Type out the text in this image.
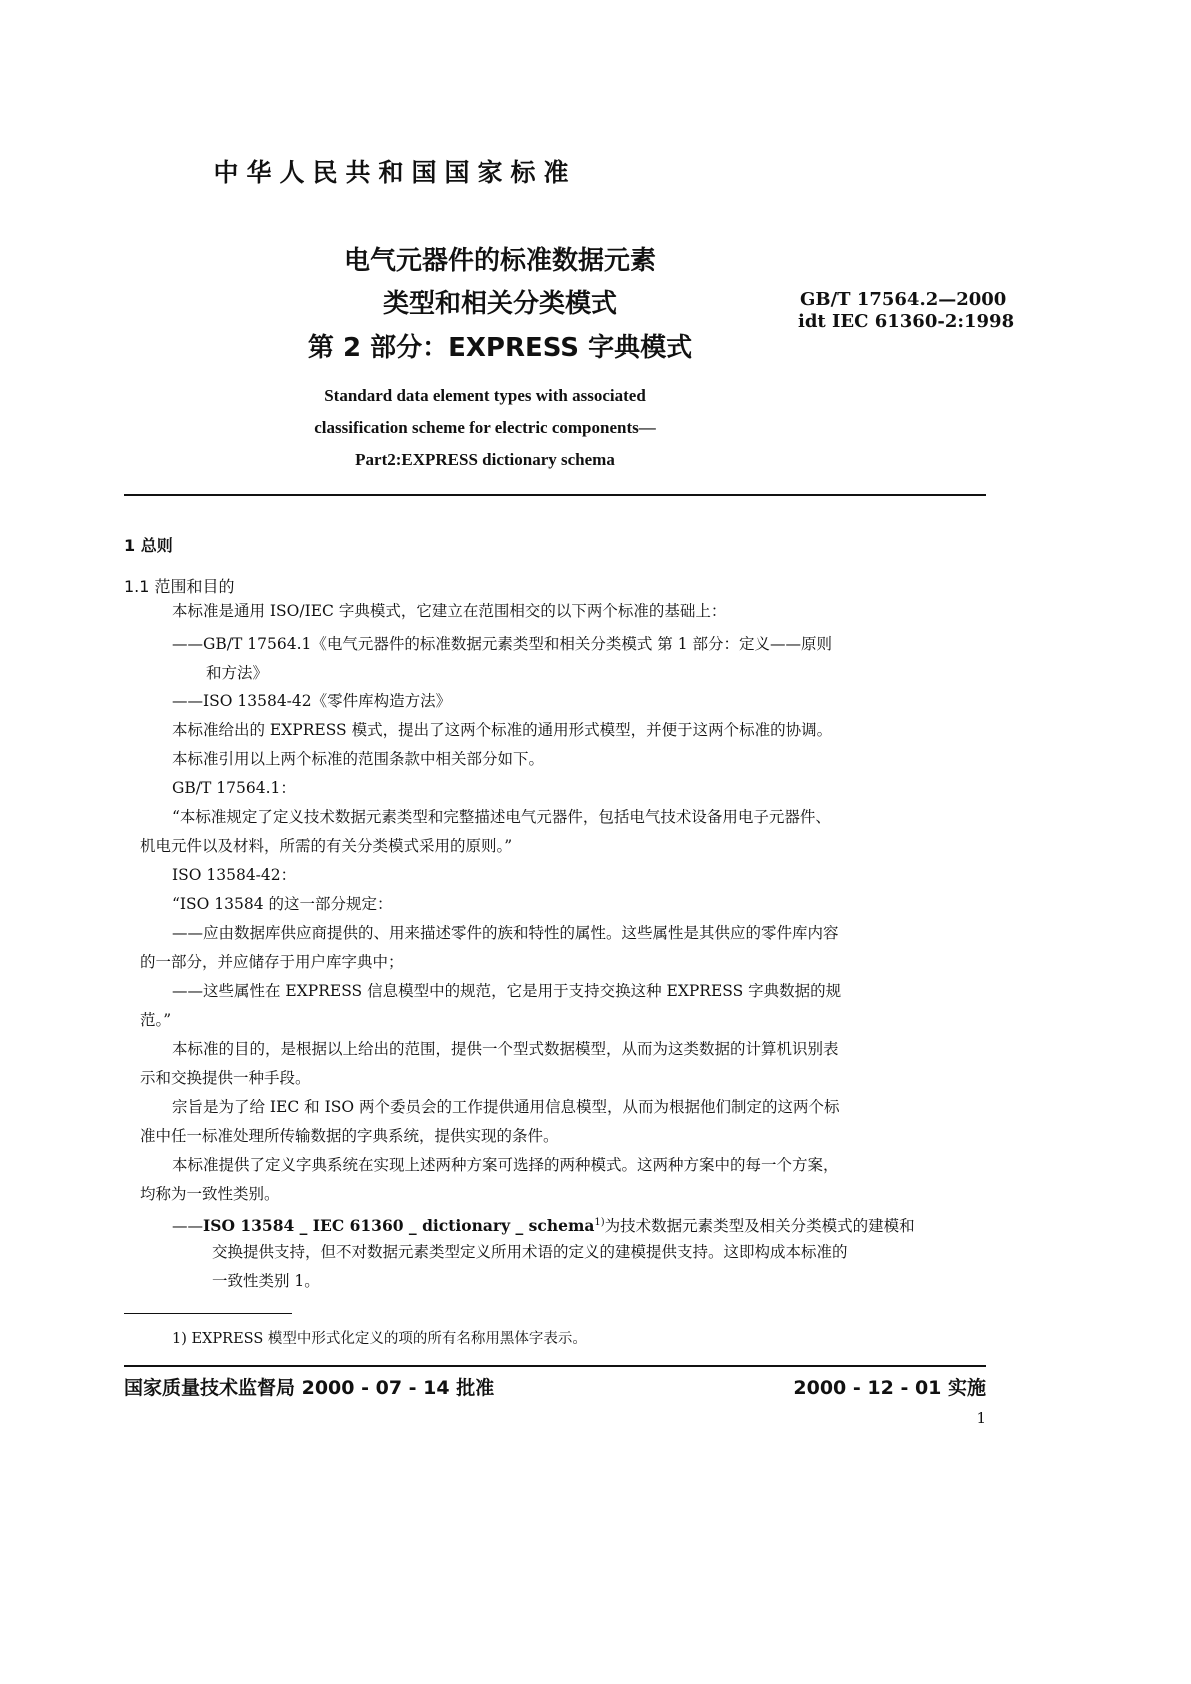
中华人民共和国国家标准
电气元器件的标准数据元素
类型和相关分类模式
第 2 部分：EXPRESS 字典模式
GB/T 17564.2—2000
idt IEC 61360-2:1998
Standard data element types with associated
classification scheme for electric components—
Part2:EXPRESS dictionary schema
1 总则
1.1 范围和目的
本标准是通用 ISO/IEC 字典模式，它建立在范围相交的以下两个标准的基础上：
——GB/T 17564.1《电气元器件的标准数据元素类型和相关分类模式 第 1 部分：定义——原则
和方法》
——ISO 13584-42《零件库构造方法》
本标准给出的 EXPRESS 模式，提出了这两个标准的通用形式模型，并便于这两个标准的协调。
本标准引用以上两个标准的范围条款中相关部分如下。
GB/T 17564.1：
“本标准规定了定义技术数据元素类型和完整描述电气元器件，包括电气技术设备用电子元器件、
机电元件以及材料，所需的有关分类模式采用的原则。”
ISO 13584-42：
“ISO 13584 的这一部分规定：
——应由数据库供应商提供的、用来描述零件的族和特性的属性。这些属性是其供应的零件库内容
的一部分，并应储存于用户库字典中；
——这些属性在 EXPRESS 信息模型中的规范，它是用于支持交换这种 EXPRESS 字典数据的规
范。”
本标准的目的，是根据以上给出的范围，提供一个型式数据模型，从而为这类数据的计算机识别表
示和交换提供一种手段。
宗旨是为了给 IEC 和 ISO 两个委员会的工作提供通用信息模型，从而为根据他们制定的这两个标
准中任一标准处理所传输数据的字典系统，提供实现的条件。
本标准提供了定义字典系统在实现上述两种方案可选择的两种模式。这两种方案中的每一个方案，
均称为一致性类别。
——ISO 13584 _ IEC 61360 _ dictionary _ schema$^{1)}$为技术数据元素类型及相关分类模式的建模和
交换提供支持，但不对数据元素类型定义所用术语的定义的建模提供支持。这即构成本标准的
一致性类别 1。
1) EXPRESS 模型中形式化定义的项的所有名称用黑体字表示。
国家质量技术监督局 2000 - 07 - 14 批准	2000 - 12 - 01 实施
1
